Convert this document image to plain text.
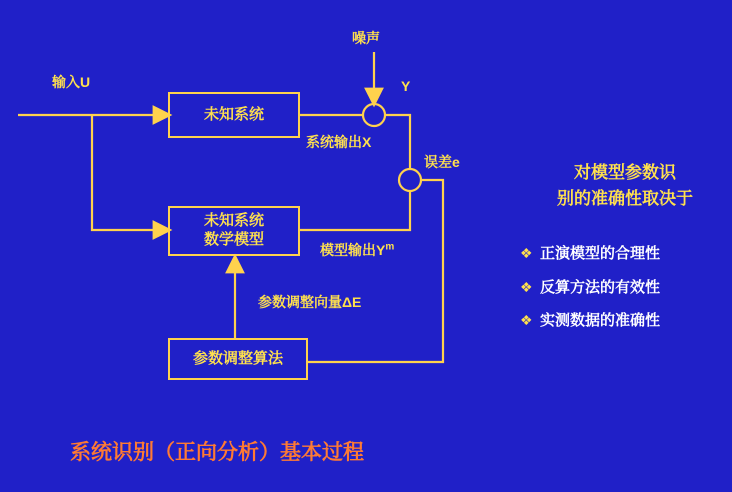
未知系统
未知系统
数学模型
参数调整算法
输入U
噪声
Y
系统输出X
误差e
模型输出$Y^m$
参数调整向量ΔE
对模型参数识
别的准确性取决于
❖ 正演模型的合理性
❖ 反算方法的有效性
❖ 实测数据的准确性
系统识别（正向分析）基本过程
